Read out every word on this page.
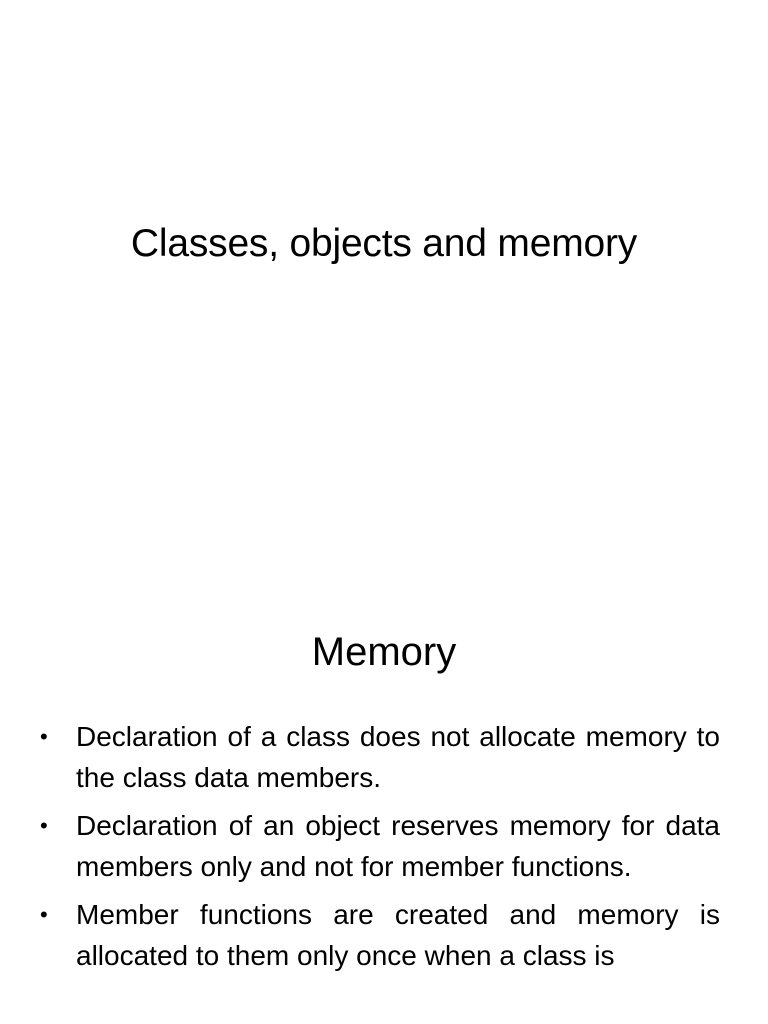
Classes, objects and memory
Memory
•	Declaration of a class does not allocate memory to the class data members.
•	Declaration of an object reserves memory for data members only and not for member functions.
•	Member functions are created and memory is allocated to them only once when a class is
